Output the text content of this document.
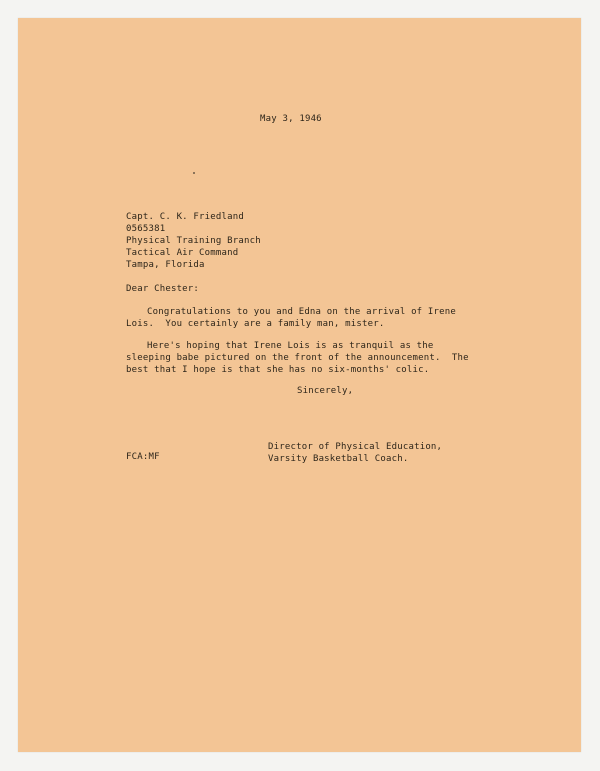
May 3, 1946
Capt. C. K. Friedland
0565381
Physical Training Branch
Tactical Air Command
Tampa, Florida
Dear Chester:
Congratulations to you and Edna on the arrival of Irene
Lois.  You certainly are a family man, mister.
Here's hoping that Irene Lois is as tranquil as the
sleeping babe pictured on the front of the announcement.  The
best that I hope is that she has no six-months' colic.
Sincerely,
Director of Physical Education,
Varsity Basketball Coach.
FCA:MF
